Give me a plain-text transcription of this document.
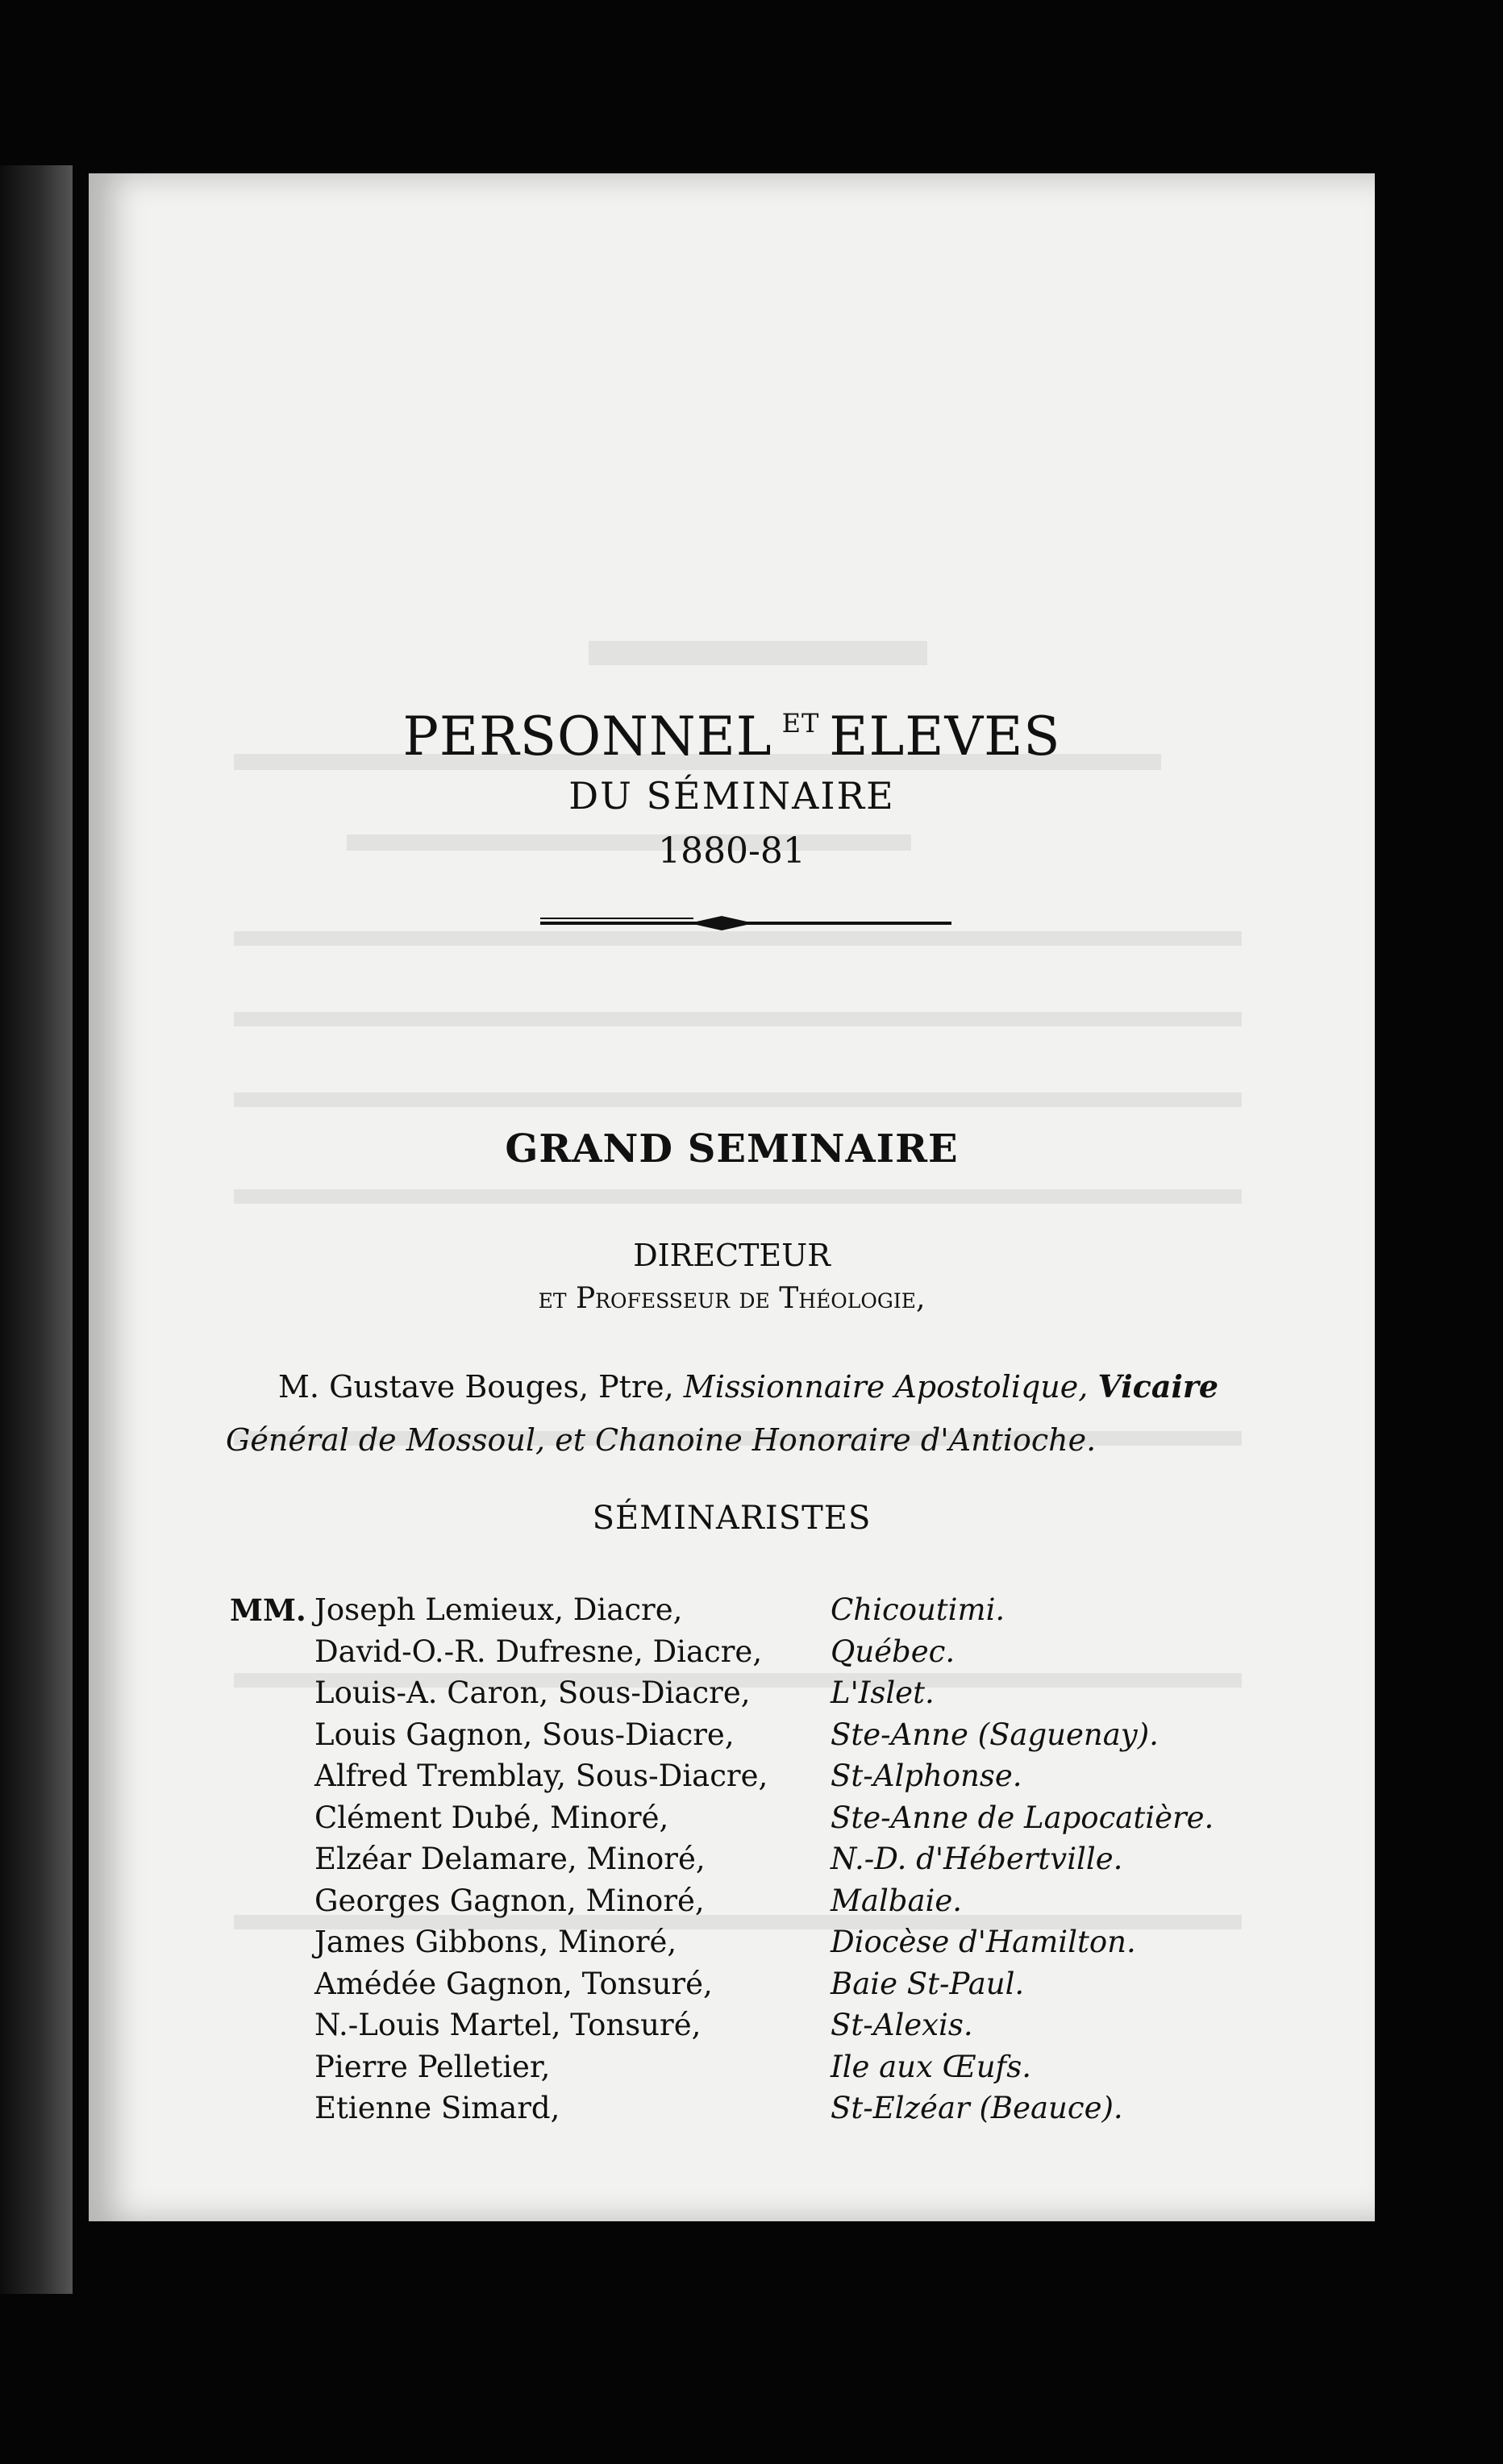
PERSONNEL $^{ET}$ ELEVES
DU SÉMINAIRE
1880-81
GRAND SEMINAIRE
DIRECTEUR
et Professeur de Théologie,
M. Gustave Bouges, Ptre, Missionnaire Apostolique, Vicaire
Général de Mossoul, et Chanoine Honoraire d'Antioche.
SÉMINARISTES
MM. Joseph Lemieux, Diacre,	Chicoutimi.
David-O.-R. Dufresne, Diacre, Québec.
Louis-A. Caron, Sous-Diacre,	L'Islet.
Louis Gagnon, Sous-Diacre,	Ste-Anne (Saguenay).
Alfred Tremblay, Sous-Diacre, St-Alphonse.
Clément Dubé, Minoré,	Ste-Anne de Lapocatière.
Elzéar Delamare, Minoré,	N.-D. d'Hébertville.
Georges Gagnon, Minoré,	Malbaie.
James Gibbons, Minoré,	Diocèse d'Hamilton.
Amédée Gagnon, Tonsuré,	Baie St-Paul.
N.-Louis Martel, Tonsuré,	St-Alexis.
Pierre Pelletier,	Ile aux Œufs.
Etienne Simard,	St-Elzéar (Beauce).
